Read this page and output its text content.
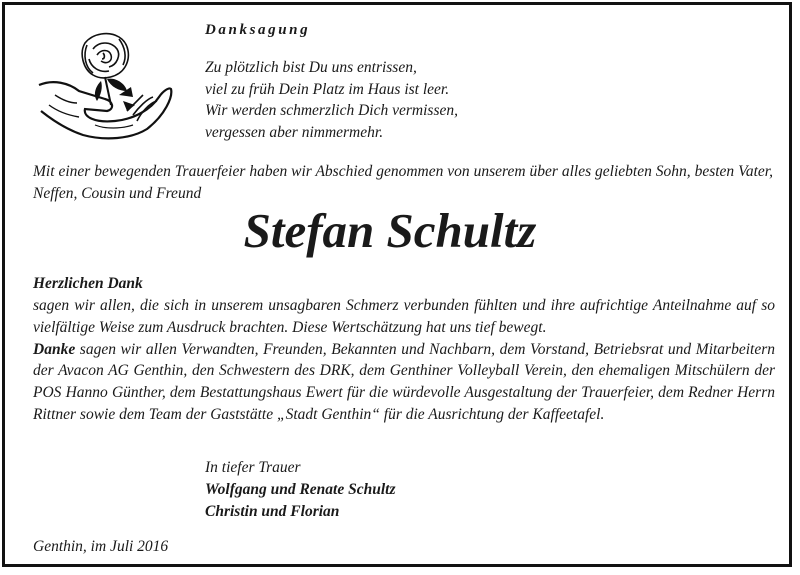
Danksagung
Zu plötzlich bist Du uns entrissen,
viel zu früh Dein Platz im Haus ist leer.
Wir werden schmerzlich Dich vermissen,
vergessen aber nimmermehr.
Mit einer bewegenden Trauerfeier haben wir Abschied genommen von unserem über alles geliebten Sohn, besten Vater, Neffen, Cousin und Freund
Stefan Schultz
Herzlichen Dank

sagen wir allen, die sich in unserem unsagbaren Schmerz verbunden fühlten und ihre aufrichtige Anteilnahme auf so vielfältige Weise zum Ausdruck brachten. Diese Wertschätzung hat uns tief bewegt.

Danke sagen wir allen Verwandten, Freunden, Bekannten und Nachbarn, dem Vorstand, Betriebsrat und Mitarbeitern der Avacon AG Genthin, den Schwestern des DRK, dem Genthiner Volleyball Verein, den ehemaligen Mitschülern der POS Hanno Günther, dem Bestattungshaus Ewert für die würdevolle Ausgestaltung der Trauerfeier, dem Redner Herrn Rittner sowie dem Team der Gaststätte „Stadt Genthin“ für die Ausrichtung der Kaffeetafel.

In tiefer Trauer
Wolfgang und Renate Schultz
Christin und Florian
Genthin, im Juli 2016
